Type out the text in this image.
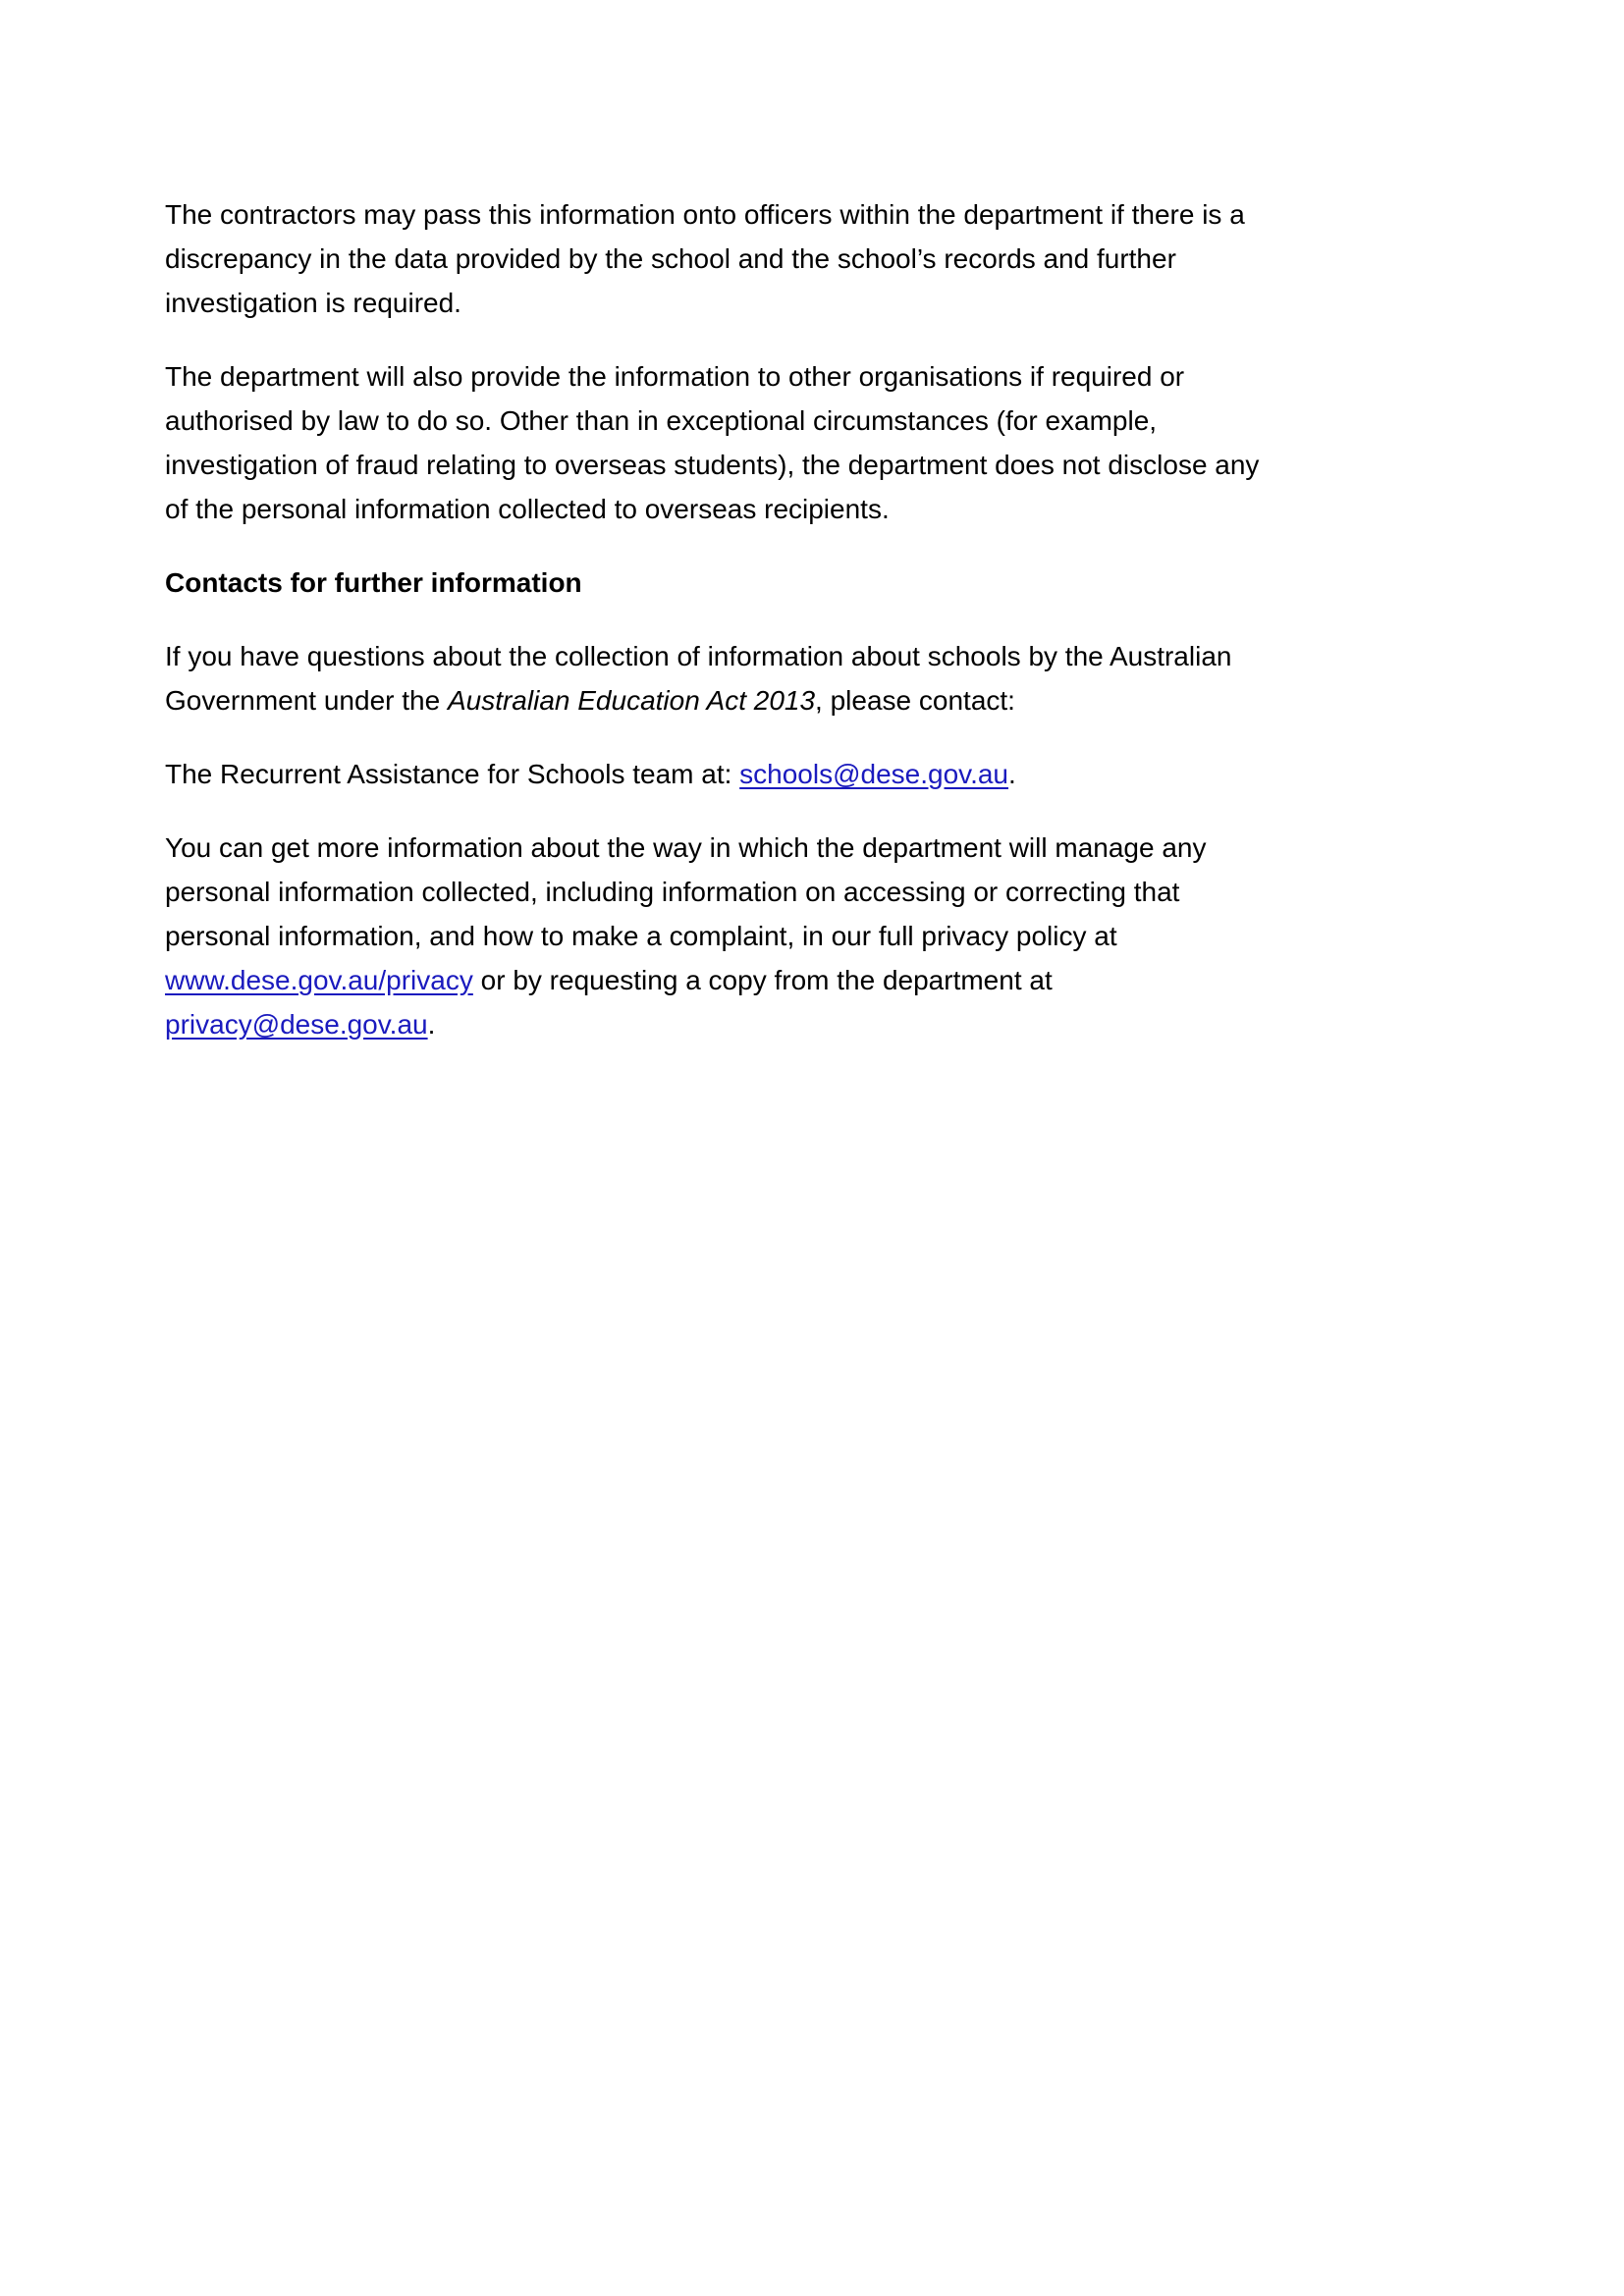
The contractors may pass this information onto officers within the department if there is a
discrepancy in the data provided by the school and the school’s records and further
investigation is required.

The department will also provide the information to other organisations if required or
authorised by law to do so. Other than in exceptional circumstances (for example,
investigation of fraud relating to overseas students), the department does not disclose any
of the personal information collected to overseas recipients.

Contacts for further information

If you have questions about the collection of information about schools by the Australian
Government under the Australian Education Act 2013, please contact:

The Recurrent Assistance for Schools team at: schools@dese.gov.au.

You can get more information about the way in which the department will manage any
personal information collected, including information on accessing or correcting that
personal information, and how to make a complaint, in our full privacy policy at
www.dese.gov.au/privacy or by requesting a copy from the department at
privacy@dese.gov.au.
